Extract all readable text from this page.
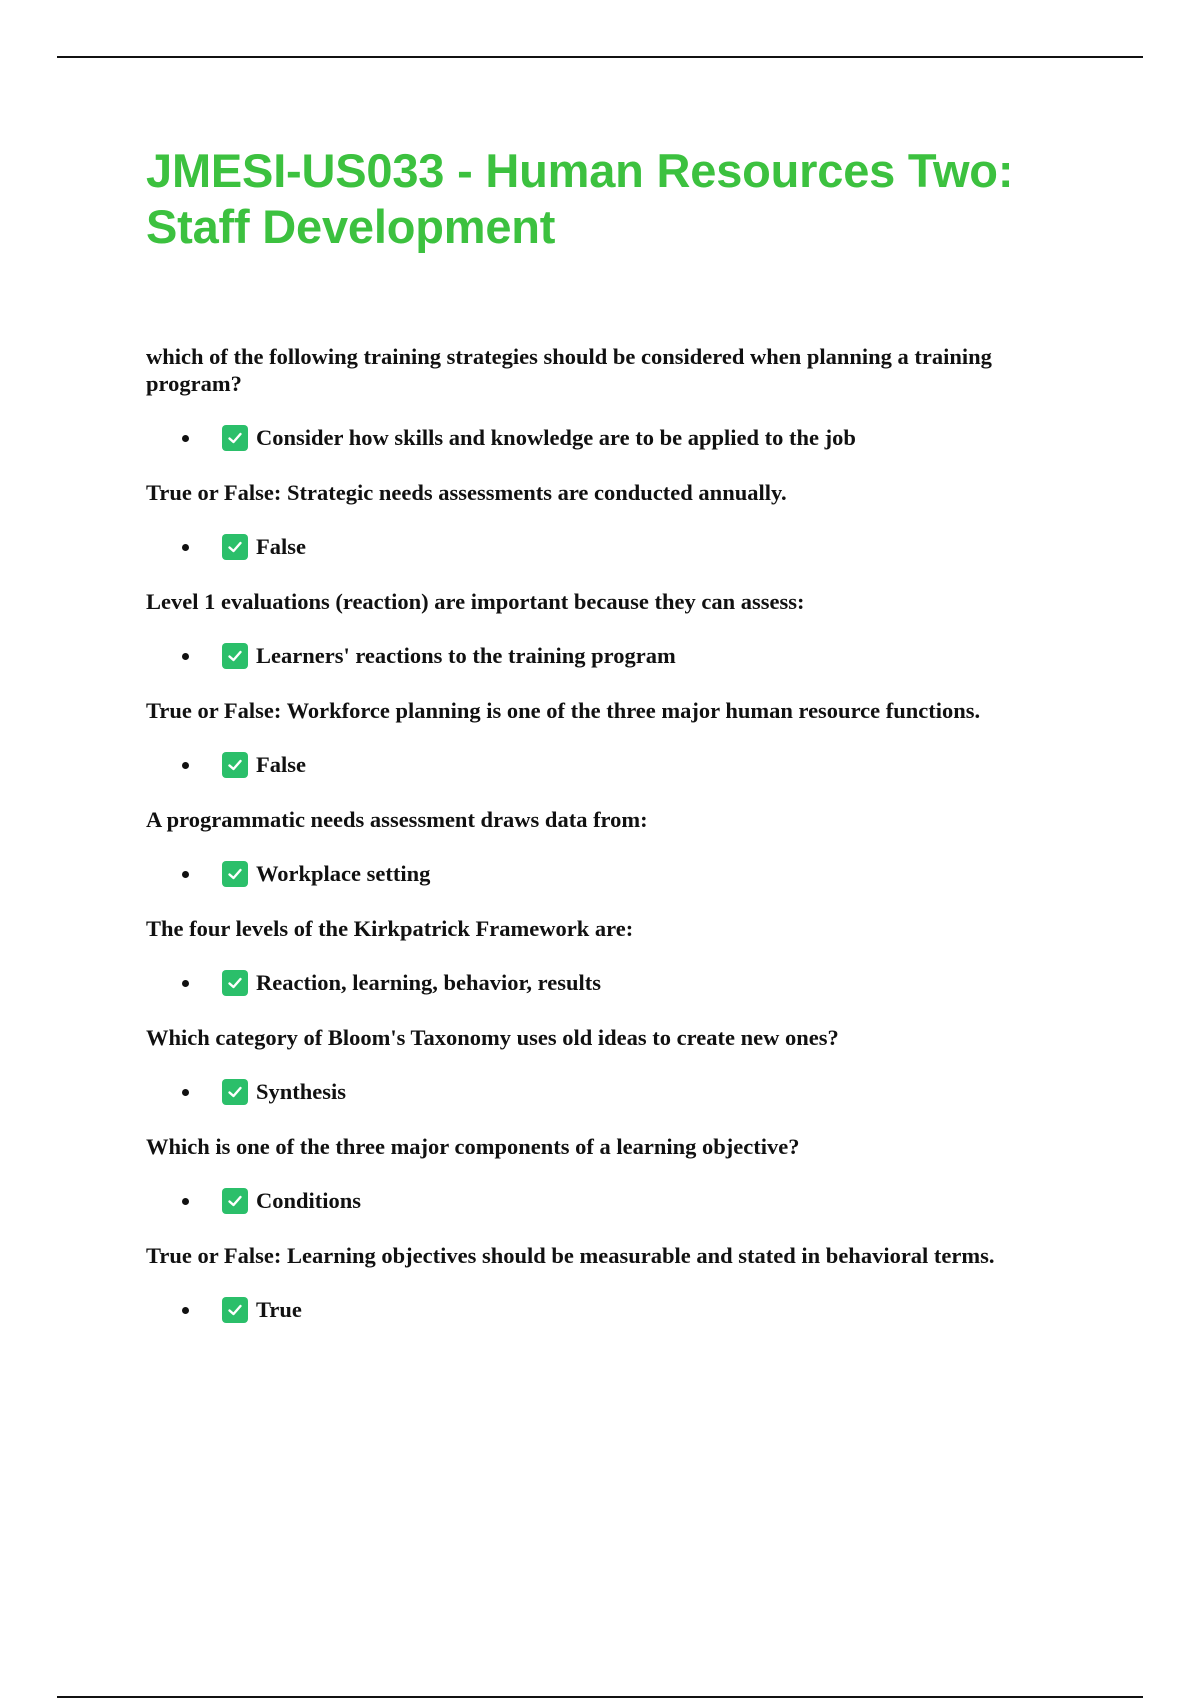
JMESI-US033 - Human Resources Two: Staff Development

which of the following training strategies should be considered when planning a training program?

Consider how skills and knowledge are to be applied to the job

True or False: Strategic needs assessments are conducted annually.

False

Level 1 evaluations (reaction) are important because they can assess:

Learners' reactions to the training program

True or False: Workforce planning is one of the three major human resource functions.

False

A programmatic needs assessment draws data from:

Workplace setting

The four levels of the Kirkpatrick Framework are:

Reaction, learning, behavior, results

Which category of Bloom's Taxonomy uses old ideas to create new ones?

Synthesis

Which is one of the three major components of a learning objective?

Conditions

True or False: Learning objectives should be measurable and stated in behavioral terms.

True
